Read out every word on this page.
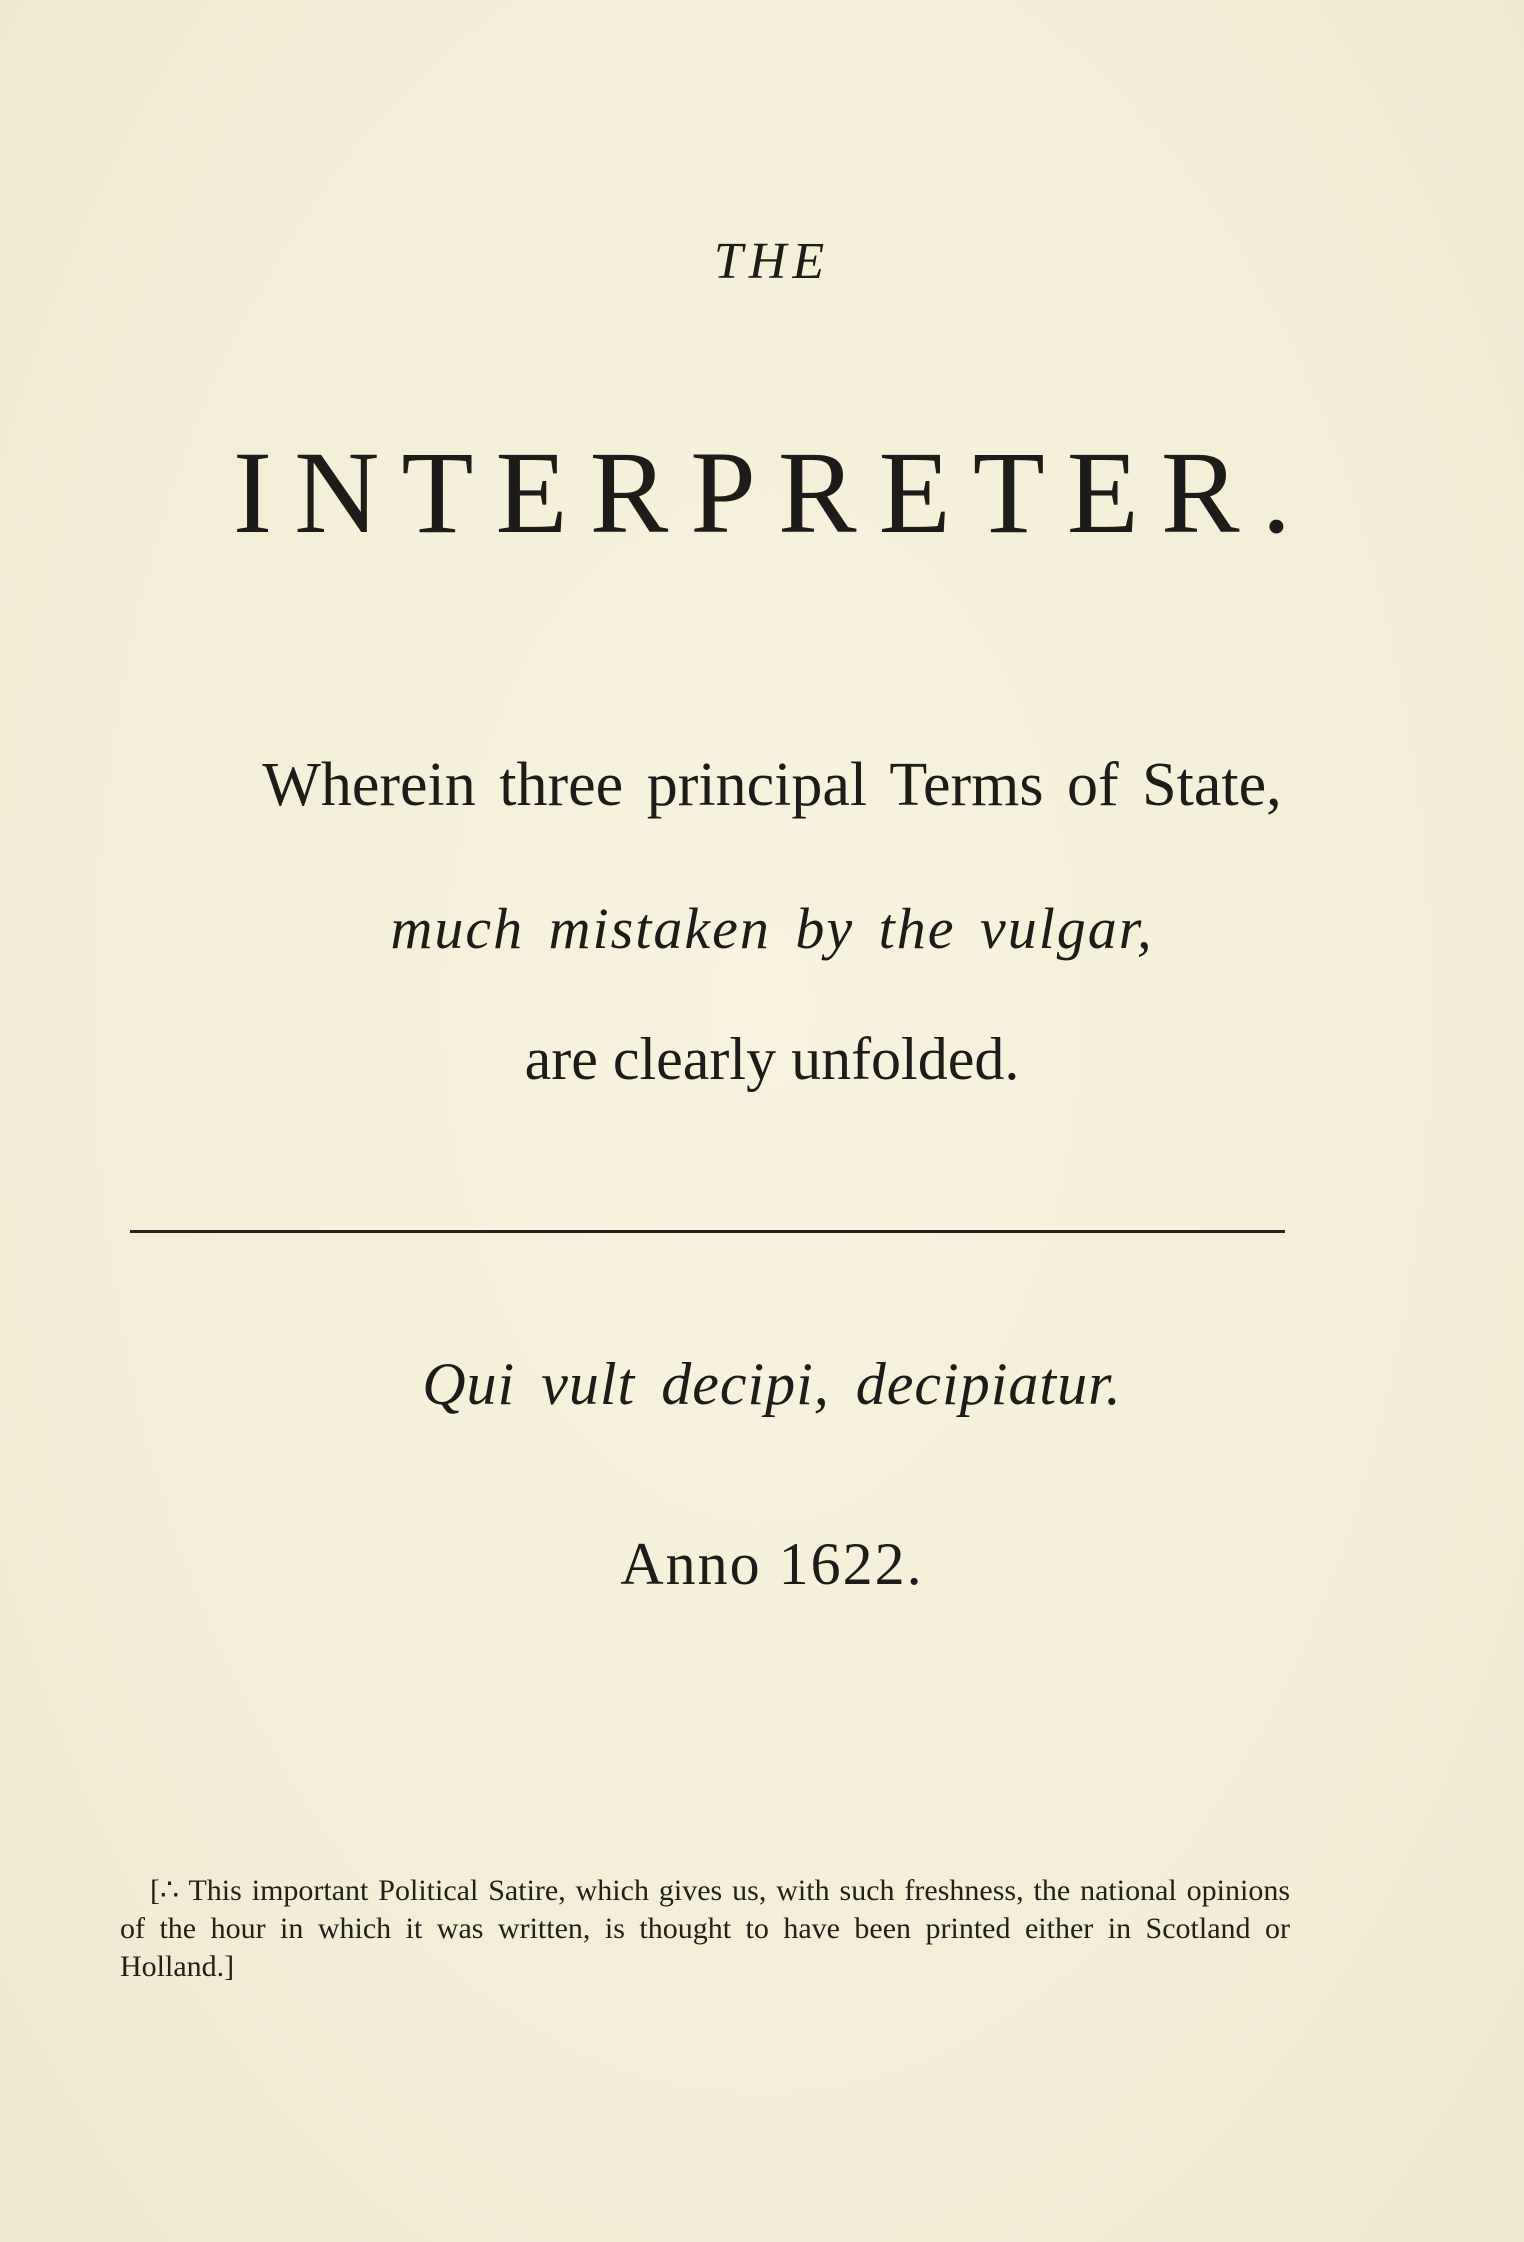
THE
INTERPRETER.
Wherein three principal Terms of State,
much mistaken by the vulgar,
are clearly unfolded.
Qui vult decipi, decipiatur.
Anno 1622.
[∴ This important Political Satire, which gives us, with such freshness, the national opinions of the hour in which it was written, is thought to have been printed either in Scotland or Holland.]
